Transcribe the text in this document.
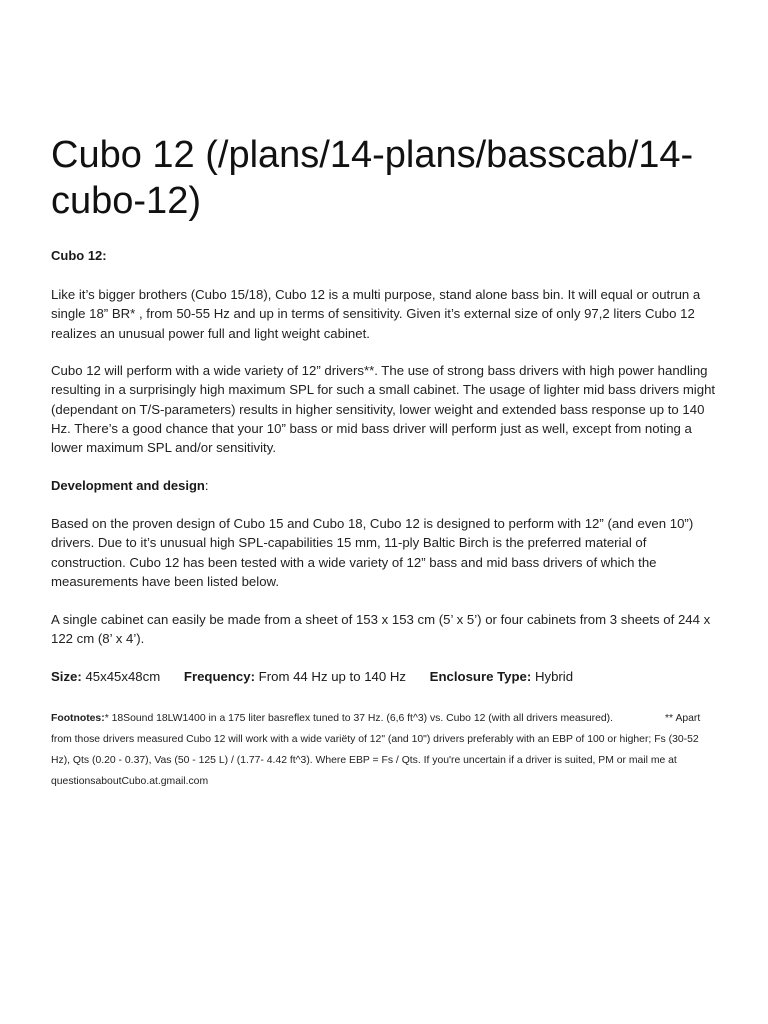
Cubo 12 (/plans/14-plans/basscab/14-cubo-12)

Cubo 12:

Like it’s bigger brothers (Cubo 15/18), Cubo 12 is a multi purpose, stand alone bass bin. It will equal or outrun a single 18” BR* , from 50-55 Hz and up in terms of sensitivity. Given it’s external size of only 97,2 liters Cubo 12 realizes an unusual power full and light weight cabinet.

Cubo 12 will perform with a wide variety of 12” drivers**. The use of strong bass drivers with high power handling resulting in a surprisingly high maximum SPL for such a small cabinet. The usage of lighter mid bass drivers might (dependant on T/S-parameters) results in higher sensitivity, lower weight and extended bass response up to 140 Hz. There’s a good chance that your 10” bass or mid bass driver will perform just as well, except from noting a lower maximum SPL and/or sensitivity.

Development and design:

Based on the proven design of Cubo 15 and Cubo 18, Cubo 12 is designed to perform with 12” (and even 10”) drivers. Due to it’s unusual high SPL-capabilities 15 mm, 11-ply Baltic Birch is the preferred material of construction. Cubo 12 has been tested with a wide variety of 12” bass and mid bass drivers of which the measurements have been listed below.

A single cabinet can easily be made from a sheet of 153 x 153 cm (5’ x 5’) or four cabinets from 3 sheets of 244 x 122 cm (8’ x 4’).

Size: 45x45x48cm Frequency: From 44 Hz up to 140 Hz Enclosure Type: Hybrid
Footnotes:* 18Sound 18LW1400 in a 175 liter basreflex tuned to 37 Hz. (6,6 ft^3) vs. Cubo 12 (with all drivers measured).	** Apart from those drivers measured Cubo 12 will work with a wide variëty of 12" (and 10") drivers preferably with an EBP of 100 or higher; Fs (30-52 Hz), Qts (0.20 - 0.37), Vas (50 - 125 L) / (1.77- 4.42 ft^3). Where EBP = Fs / Qts. If you're uncertain if a driver is suited, PM or mail me at questionsaboutCubo.at.gmail.com
